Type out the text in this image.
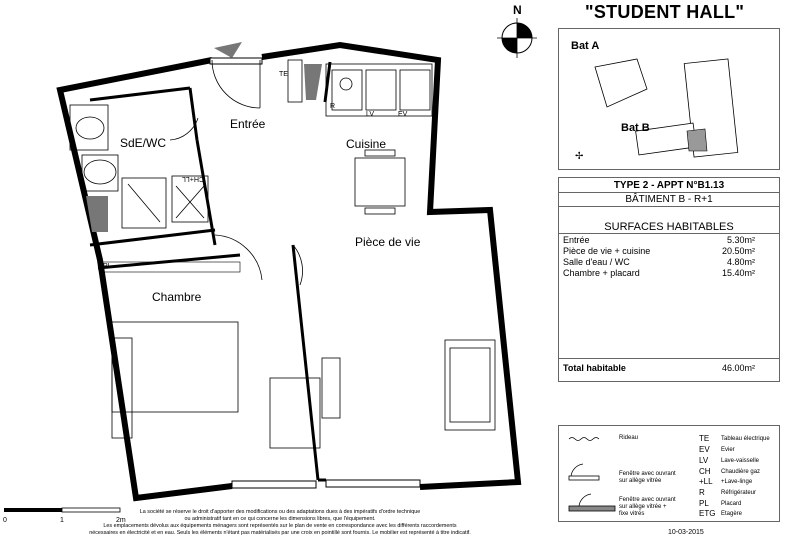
Entrée
SdE/WC	Cuisine
Pièce de vie
Chambre
TE
R
LV	EV
CH+LL
PL
N
0	1	2m
"STUDENT HALL"
Bat A
Bat B
✢
TYPE 2 - APPT N°B1.13
BÂTIMENT B - R+1
SURFACES HABITABLES
Entrée	5.30m²
Pièce de vie + cuisine	20.50m²
Salle d'eau / WC	4.80m²
Chambre + placard	15.40m²
Total habitable	46.00m²
Rideau
Fenêtre avec ouvrant
sur allège vitrée
Fenêtre avec ouvrant
sur allège vitrée +
fixe vitrés
TE Tableau électrique
EV Evier
LV Lave-vaisselle
CH Chaudière gaz
+LL +Lave-linge
R	Réfrigérateur
PL Placard
ETG Etagère
La société se réserve le droit d'apporter des modifications ou des adaptations dues à des impératifs d'ordre technique
ou administratif tant en ce qui concerne les dimensions libres, que l'équipement.
Les emplacements dévolus aux équipements ménagers sont représentés sur le plan de vente en correspondance avec les différents raccordements
nécessaires en électricité et en eau. Seuls les éléments n'étant pas matérialisés par une croix en pointillé sont fournis. Le mobilier est représenté à titre indicatif.	10-03-2015
